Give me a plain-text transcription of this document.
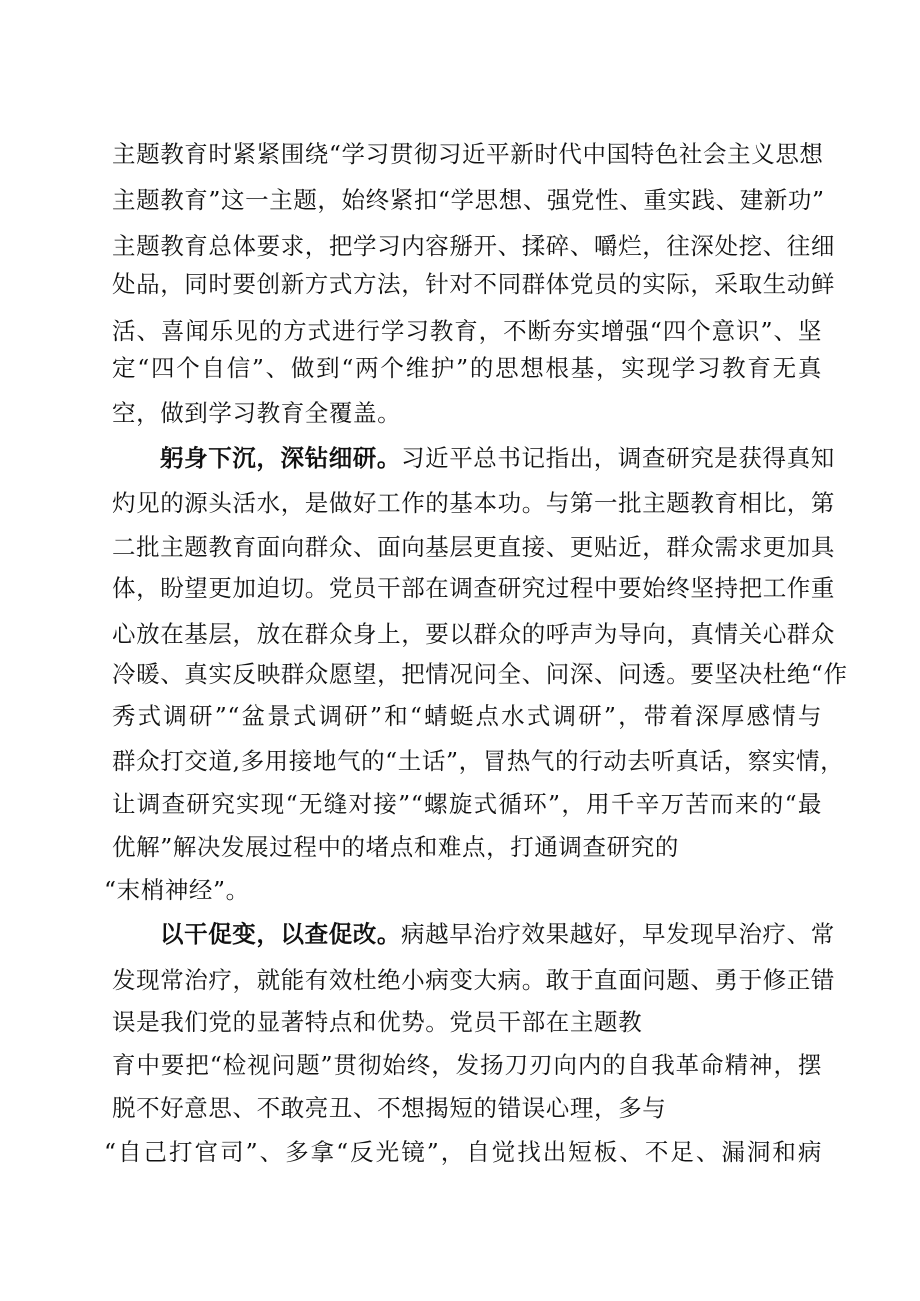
主题教育时紧紧围绕“学习贯彻习近平新时代中国特色社会主义思想
主题教育”这一主题，始终紧扣“学思想、强党性、重实践、建新功”
主题教育总体要求，把学习内容掰开、揉碎、嚼烂，往深处挖、往细
处品，同时要创新方式方法，针对不同群体党员的实际，采取生动鲜
活、喜闻乐见的方式进行学习教育，不断夯实增强“四个意识”、坚
定“四个自信”、做到“两个维护”的思想根基，实现学习教育无真
空，做到学习教育全覆盖。
躬身下沉，深钻细研。习近平总书记指出，调查研究是获得真知
灼见的源头活水，是做好工作的基本功。与第一批主题教育相比，第
二批主题教育面向群众、面向基层更直接、更贴近，群众需求更加具
体，盼望更加迫切。党员干部在调查研究过程中要始终坚持把工作重
心放在基层，放在群众身上，要以群众的呼声为导向，真情关心群众
冷暖、真实反映群众愿望，把情况问全、问深、问透。要坚决杜绝“作
秀式调研”“盆景式调研”和“蜻蜓点水式调研”，带着深厚感情与
群众打交道,多用接地气的“土话”，冒热气的行动去听真话，察实情，
让调查研究实现“无缝对接”“螺旋式循环”，用千辛万苦而来的“最
优解”解决发展过程中的堵点和难点，打通调查研究的
“末梢神经”。
以干促变，以查促改。病越早治疗效果越好，早发现早治疗、常
发现常治疗，就能有效杜绝小病变大病。敢于直面问题、勇于修正错
误是我们党的显著特点和优势。党员干部在主题教
育中要把“检视问题”贯彻始终，发扬刀刃向内的自我革命精神，摆
脱不好意思、不敢亮丑、不想揭短的错误心理，多与
“自己打官司”、多拿“反光镜”，自觉找出短板、不足、漏洞和病
